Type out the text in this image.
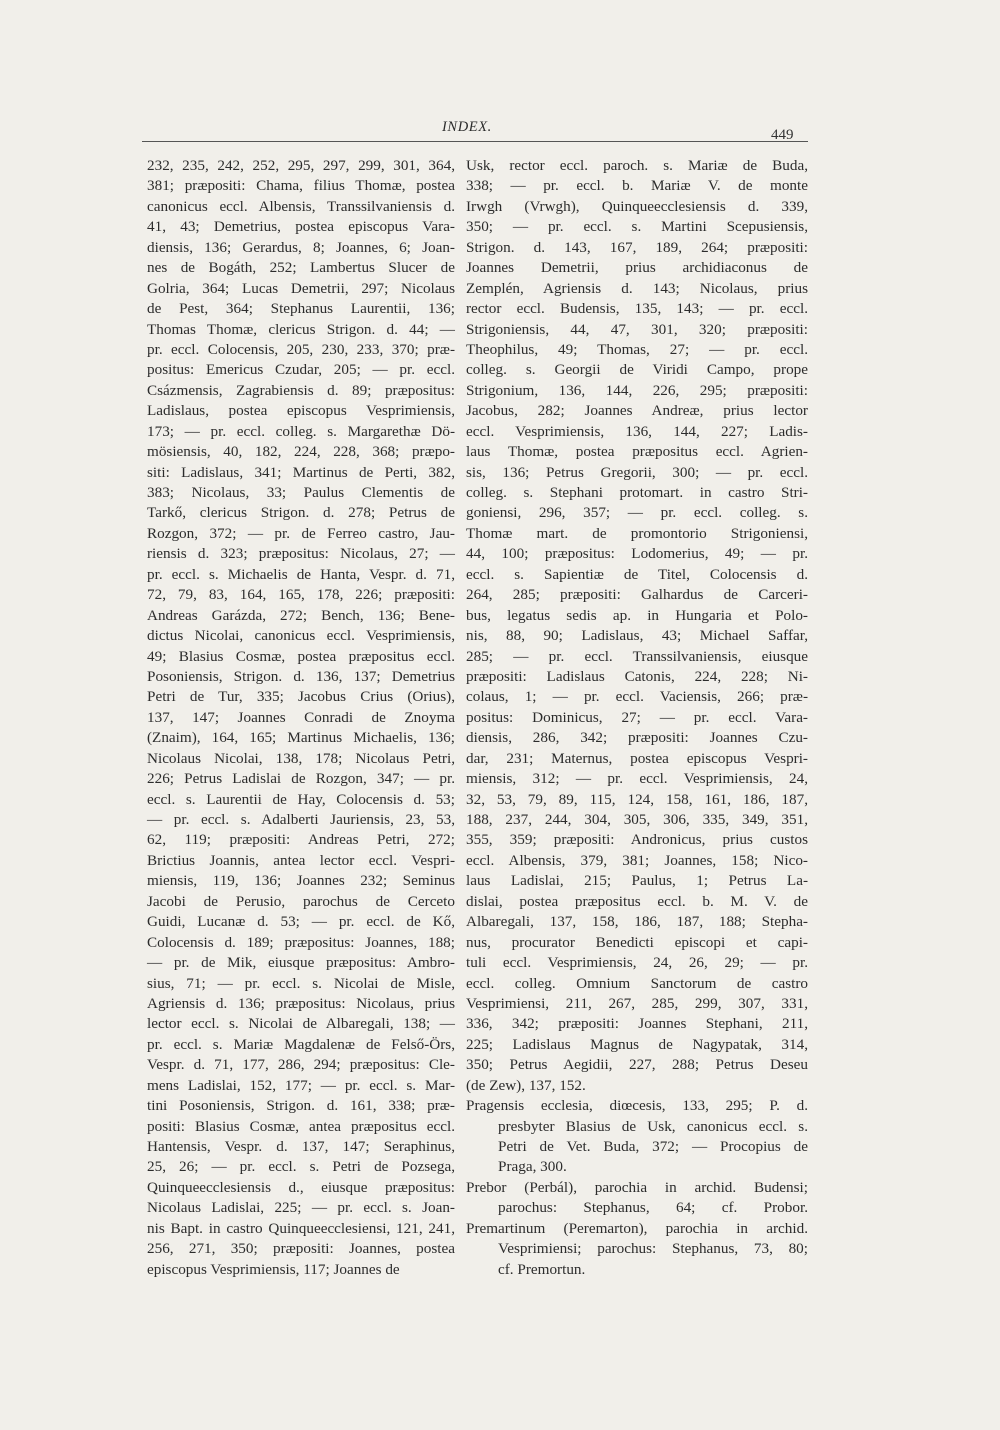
INDEX.	449
232, 235, 242, 252, 295, 297, 299, 301, 364,
381; præpositi: Chama, filius Thomæ, postea
canonicus eccl. Albensis, Transsilvaniensis d.
41, 43; Demetrius, postea episcopus Vara-
diensis, 136; Gerardus, 8; Joannes, 6; Joan-
nes de Bogáth, 252; Lambertus Slucer de
Golria, 364; Lucas Demetrii, 297; Nicolaus
de Pest, 364; Stephanus Laurentii, 136;
Thomas Thomæ, clericus Strigon. d. 44; —
pr. eccl. Colocensis, 205, 230, 233, 370; præ-
positus: Emericus Czudar, 205; — pr. eccl.
Csázmensis, Zagrabiensis d. 89; præpositus:
Ladislaus, postea episcopus Vesprimiensis,
173; — pr. eccl. colleg. s. Margarethæ Dö-
mösiensis, 40, 182, 224, 228, 368; præpo-
siti: Ladislaus, 341; Martinus de Perti, 382,
383; Nicolaus, 33; Paulus Clementis de
Tarkő, clericus Strigon. d. 278; Petrus de
Rozgon, 372; — pr. de Ferreo castro, Jau-
riensis d. 323; præpositus: Nicolaus, 27; —
pr. eccl. s. Michaelis de Hanta, Vespr. d. 71,
72, 79, 83, 164, 165, 178, 226; præpositi:
Andreas Garázda, 272; Bench, 136; Bene-
dictus Nicolai, canonicus eccl. Vesprimiensis,
49; Blasius Cosmæ, postea præpositus eccl.
Posoniensis, Strigon. d. 136, 137; Demetrius
Petri de Tur, 335; Jacobus Crius (Orius),
137, 147; Joannes Conradi de Znoyma
(Znaim), 164, 165; Martinus Michaelis, 136;
Nicolaus Nicolai, 138, 178; Nicolaus Petri,
226; Petrus Ladislai de Rozgon, 347; — pr.
eccl. s. Laurentii de Hay, Colocensis d. 53;
— pr. eccl. s. Adalberti Jauriensis, 23, 53,
62, 119; præpositi: Andreas Petri, 272;
Brictius Joannis, antea lector eccl. Vespri-
miensis, 119, 136; Joannes 232; Seminus
Jacobi de Perusio, parochus de Cerceto
Guidi, Lucanæ d. 53; — pr. eccl. de Kő,
Colocensis d. 189; præpositus: Joannes, 188;
— pr. de Mik, eiusque præpositus: Ambro-
sius, 71; — pr. eccl. s. Nicolai de Misle,
Agriensis d. 136; præpositus: Nicolaus, prius
lector eccl. s. Nicolai de Albaregali, 138; —
pr. eccl. s. Mariæ Magdalenæ de Felső-Örs,
Vespr. d. 71, 177, 286, 294; præpositus: Cle-
mens Ladislai, 152, 177; — pr. eccl. s. Mar-
tini Posoniensis, Strigon. d. 161, 338; præ-
positi: Blasius Cosmæ, antea præpositus eccl.
Hantensis, Vespr. d. 137, 147; Seraphinus,
25, 26; — pr. eccl. s. Petri de Pozsega,
Quinqueecclesiensis d., eiusque præpositus:
Nicolaus Ladislai, 225; — pr. eccl. s. Joan-
nis Bapt. in castro Quinqueecclesiensi, 121, 241,
256, 271, 350; præpositi: Joannes, postea
episcopus Vesprimiensis, 117; Joannes de
Usk, rector eccl. paroch. s. Mariæ de Buda,
338; — pr. eccl. b. Mariæ V. de monte
Irwgh (Vrwgh), Quinqueecclesiensis d. 339,
350; — pr. eccl. s. Martini Scepusiensis,
Strigon. d. 143, 167, 189, 264; præpositi:
Joannes Demetrii, prius archidiaconus de
Zemplén, Agriensis d. 143; Nicolaus, prius
rector eccl. Budensis, 135, 143; — pr. eccl.
Strigoniensis, 44, 47, 301, 320; præpositi:
Theophilus, 49; Thomas, 27; — pr. eccl.
colleg. s. Georgii de Viridi Campo, prope
Strigonium, 136, 144, 226, 295; præpositi:
Jacobus, 282; Joannes Andreæ, prius lector
eccl. Vesprimiensis, 136, 144, 227; Ladis-
laus Thomæ, postea præpositus eccl. Agrien-
sis, 136; Petrus Gregorii, 300; — pr. eccl.
colleg. s. Stephani protomart. in castro Stri-
goniensi, 296, 357; — pr. eccl. colleg. s.
Thomæ mart. de promontorio Strigoniensi,
44, 100; præpositus: Lodomerius, 49; — pr.
eccl. s. Sapientiæ de Titel, Colocensis d.
264, 285; præpositi: Galhardus de Carceri-
bus, legatus sedis ap. in Hungaria et Polo-
nis, 88, 90; Ladislaus, 43; Michael Saffar,
285; — pr. eccl. Transsilvaniensis, eiusque
præpositi: Ladislaus Catonis, 224, 228; Ni-
colaus, 1; — pr. eccl. Vaciensis, 266; præ-
positus: Dominicus, 27; — pr. eccl. Vara-
diensis, 286, 342; præpositi: Joannes Czu-
dar, 231; Maternus, postea episcopus Vespri-
miensis, 312; — pr. eccl. Vesprimiensis, 24,
32, 53, 79, 89, 115, 124, 158, 161, 186, 187,
188, 237, 244, 304, 305, 306, 335, 349, 351,
355, 359; præpositi: Andronicus, prius custos
eccl. Albensis, 379, 381; Joannes, 158; Nico-
laus Ladislai, 215; Paulus, 1; Petrus La-
dislai, postea præpositus eccl. b. M. V. de
Albaregali, 137, 158, 186, 187, 188; Stepha-
nus, procurator Benedicti episcopi et capi-
tuli eccl. Vesprimiensis, 24, 26, 29; — pr.
eccl. colleg. Omnium Sanctorum de castro
Vesprimiensi, 211, 267, 285, 299, 307, 331,
336, 342; præpositi: Joannes Stephani, 211,
225; Ladislaus Magnus de Nagypatak, 314,
350; Petrus Aegidii, 227, 288; Petrus Deseu
(de Zew), 137, 152.
Pragensis ecclesia, diœcesis, 133, 295; P. d.
presbyter Blasius de Usk, canonicus eccl. s.
Petri de Vet. Buda, 372; — Procopius de
Praga, 300.
Prebor (Perbál), parochia in archid. Budensi;
parochus: Stephanus, 64; cf. Probor.
Premartinum (Peremarton), parochia in archid.
Vesprimiensi; parochus: Stephanus, 73, 80;
cf. Premortun.
